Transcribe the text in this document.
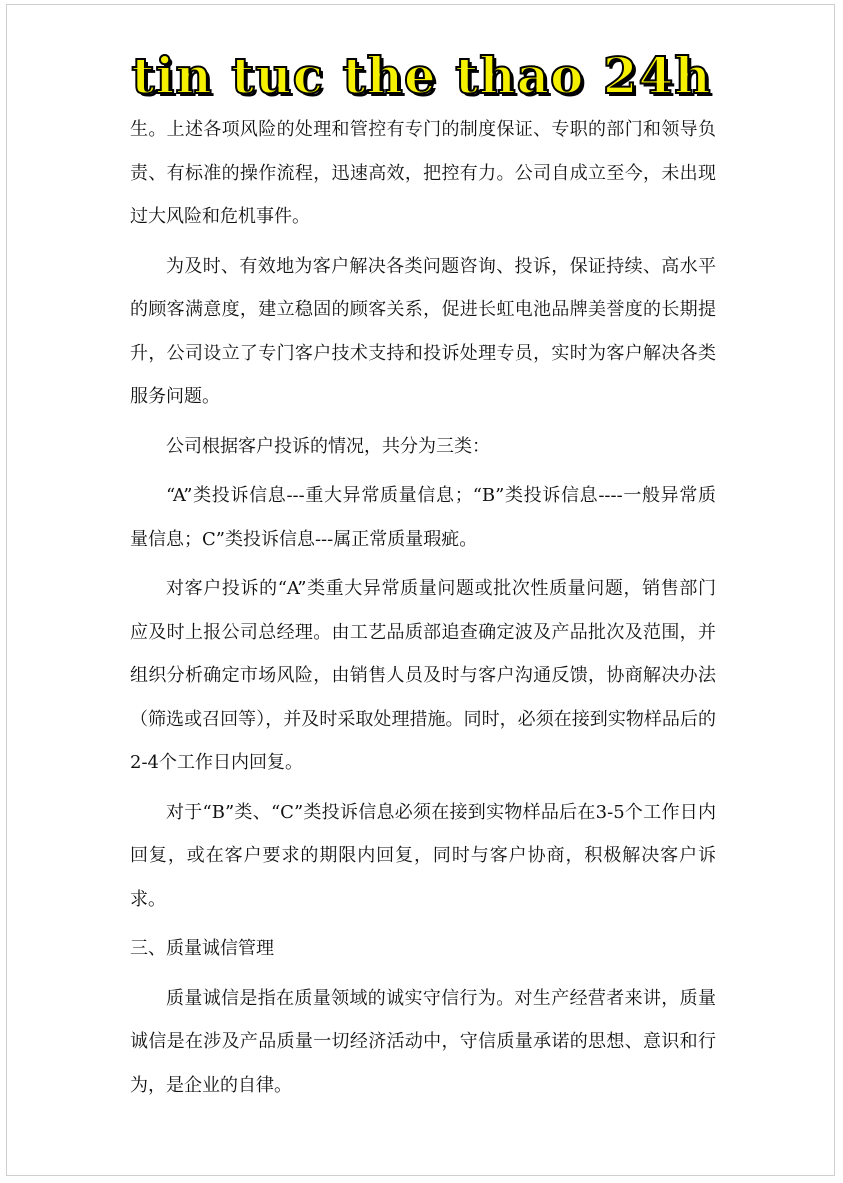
tin tuc the thao 24h

生。上述各项风险的处理和管控有专门的制度保证、专职的部门和领导负责、有标准的操作流程，迅速高效，把控有力。公司自成立至今，未出现过大风险和危机事件。

为及时、有效地为客户解决各类问题咨询、投诉，保证持续、高水平的顾客满意度，建立稳固的顾客关系，促进长虹电池品牌美誉度的长期提升，公司设立了专门客户技术支持和投诉处理专员，实时为客户解决各类服务问题。

公司根据客户投诉的情况，共分为三类：

“A”类投诉信息---重大异常质量信息；“B”类投诉信息----一般异常质量信息；C”类投诉信息---属正常质量瑕疵。

对客户投诉的“A”类重大异常质量问题或批次性质量问题，销售部门应及时上报公司总经理。由工艺品质部追查确定波及产品批次及范围，并组织分析确定市场风险，由销售人员及时与客户沟通反馈，协商解决办法（筛选或召回等），并及时采取处理措施。同时，必须在接到实物样品后的2-4个工作日内回复。

对于“B”类、“C”类投诉信息必须在接到实物样品后在3-5个工作日内回复，或在客户要求的期限内回复，同时与客户协商，积极解决客户诉求。

三、质量诚信管理

质量诚信是指在质量领域的诚实守信行为。对生产经营者来讲，质量诚信是在涉及产品质量一切经济活动中，守信质量承诺的思想、意识和行为，是企业的自律。
